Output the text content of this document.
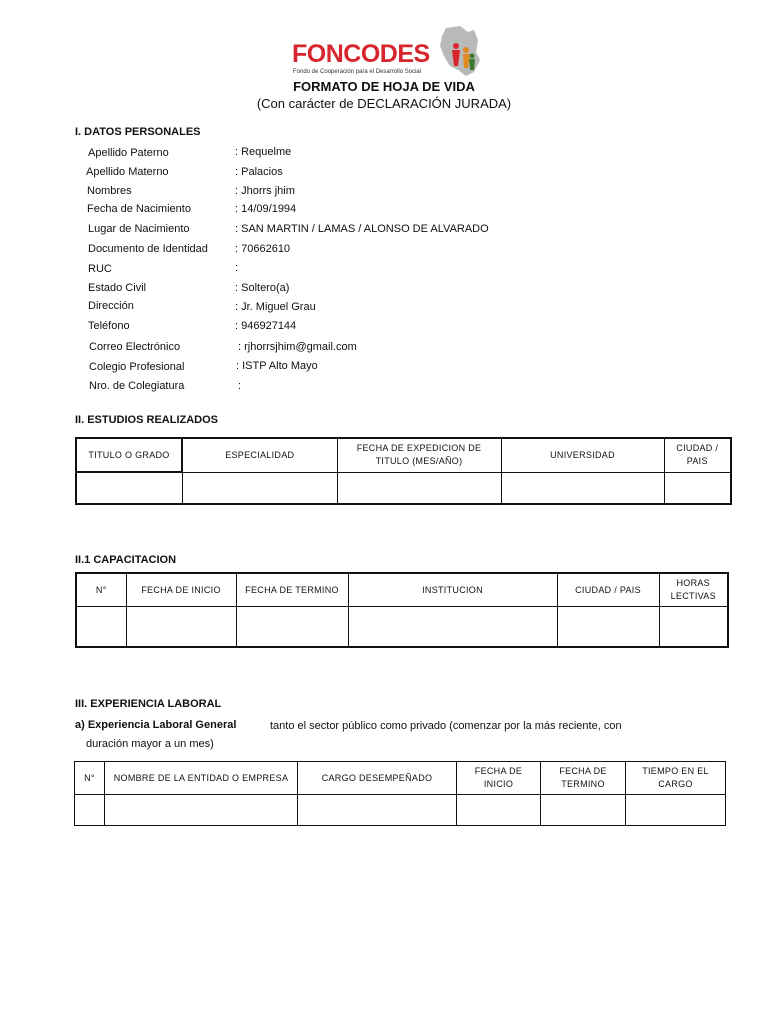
FONCODES
Fondo de Cooperación para el Desarrollo Social
FORMATO DE HOJA DE VIDA
(Con carácter de DECLARACIÓN JURADA)
I. DATOS PERSONALES
Apellido Paterno	: Requelme
Apellido Materno	: Palacios
Nombres	: Jhorrs jhim
Fecha de Nacimiento	: 14/09/1994
Lugar de Nacimiento	: SAN MARTIN / LAMAS / ALONSO DE ALVARADO
Documento de Identidad : 70662610
RUC	:
Estado Civil	: Soltero(a)
Dirección	: Jr. Miguel Grau
Teléfono	: 946927144
Correo Electrónico	: rjhorrsjhim@gmail.com
Colegio Profesional	: ISTP Alto Mayo
Nro. de Colegiatura	:
II. ESTUDIOS REALIZADOS
TITULO O GRADO	ESPECIALIDAD	FECHA DE EXPEDICION DE TITULO (MES/AÑO)	UNIVERSIDAD	CIUDAD / PAIS

II.1 CAPACITACION
N°	FECHA DE INICIO	FECHA DE TERMINO	INSTITUCION	CIUDAD / PAIS	HORAS LECTIVAS

III. EXPERIENCIA LABORAL
a) Experiencia Laboral General	tanto el sector público como privado (comenzar por la más reciente, con
duración mayor a un mes)
N°	NOMBRE DE LA ENTIDAD O EMPRESA	CARGO DESEMPEÑADO	FECHA DE INICIO	FECHA DE TERMINO	TIEMPO EN EL CARGO
